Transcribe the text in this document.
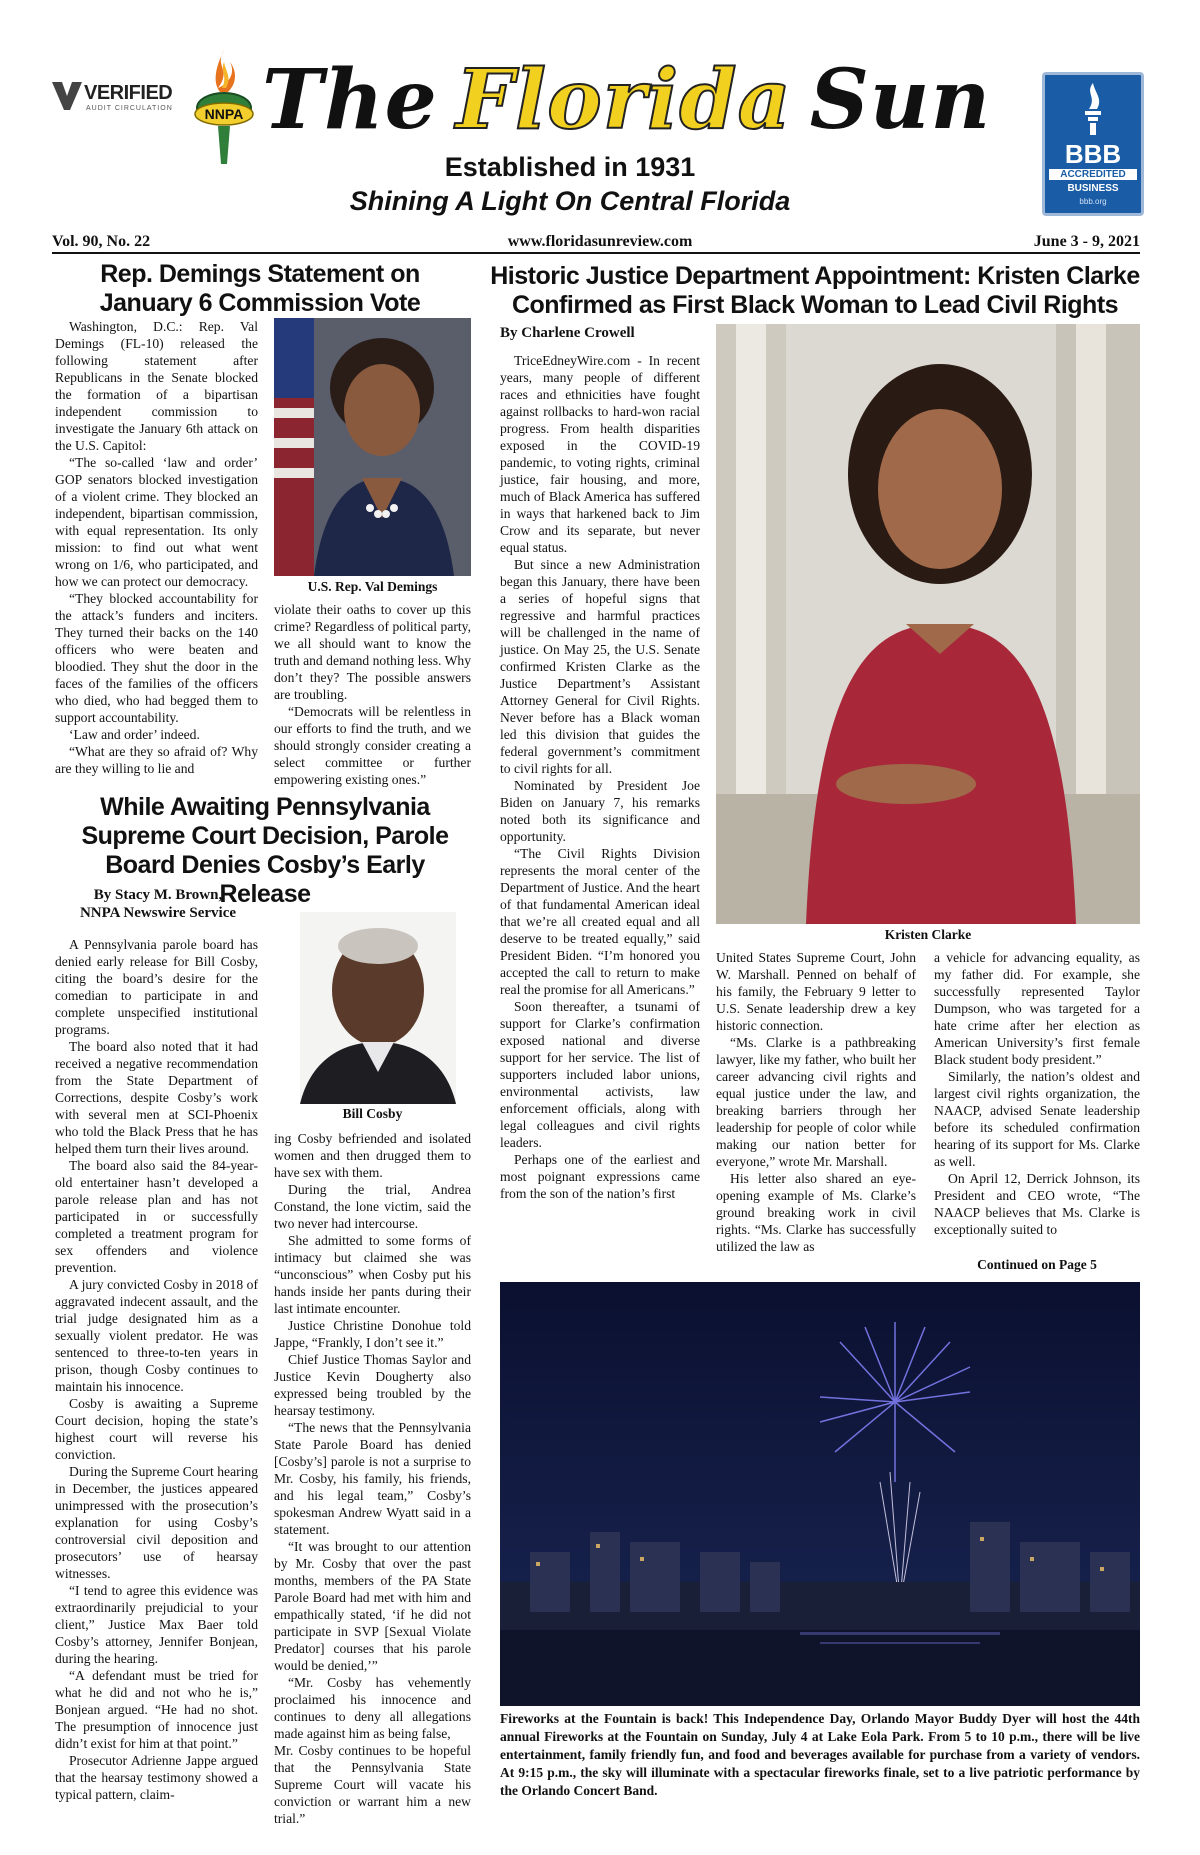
VERIFIED
AUDIT CIRCULATION	NNPA The Florida Sun
Established in 1931
Shining A Light On Central Florida
BBB
ACCREDITED
BUSINESS
bbb.org
Vol. 90, No. 22	www.floridasunreview.com	June 3 - 9, 2021
Rep. Demings Statement on January 6 Commission Vote

Washington, D.C.: Rep. Val Demings (FL-10) released the following statement after Republicans in the Senate blocked the formation of a bipartisan independent commission to investigate the January 6th attack on the U.S. Capitol:

“The so-called ‘law and order’ GOP senators blocked investigation of a violent crime. They blocked an independent, bipartisan commission, with equal representation. Its only mission: to find out what went wrong on 1/6, who participated, and how we can protect our democracy.

“They blocked accountability for the attack’s funders and inciters. They turned their backs on the 140 officers who were beaten and bloodied. They shut the door in the faces of the families of the officers who died, who had begged them to support accountability.

‘Law and order’ indeed.

“What are they so afraid of? Why are they willing to lie and

U.S. Rep. Val Demings

violate their oaths to cover up this crime? Regardless of political party, we all should want to know the truth and demand nothing less. Why don’t they? The possible answers are troubling.

“Democrats will be relentless in our efforts to find the truth, and we should strongly consider creating a select committee or further empowering existing ones.”

While Awaiting Pennsylvania Supreme Court Decision, Parole Board Denies Cosby’s Early Release
By Stacy M. Brown,
NNPA Newswire Service

A Pennsylvania parole board has denied early release for Bill Cosby, citing the board’s desire for the comedian to participate in and complete unspecified institutional programs.

The board also noted that it had received a negative recommendation from the State Department of Corrections, despite Cosby’s work with several men at SCI-Phoenix who told the Black Press that he has helped them turn their lives around.

The board also said the 84-year-old entertainer hasn’t developed a parole release plan and has not participated in or successfully completed a treatment program for sex offenders and violence prevention.

A jury convicted Cosby in 2018 of aggravated indecent assault, and the trial judge designated him as a sexually violent predator. He was sentenced to three-to-ten years in prison, though Cosby continues to maintain his innocence.

Cosby is awaiting a Supreme Court decision, hoping the state’s highest court will reverse his conviction.

During the Supreme Court hearing in December, the justices appeared unimpressed with the prosecution’s explanation for using Cosby’s controversial civil deposition and prosecutors’ use of hearsay witnesses.

“I tend to agree this evidence was extraordinarily prejudicial to your client,” Justice Max Baer told Cosby’s attorney, Jennifer Bonjean, during the hearing.

“A defendant must be tried for what he did and not who he is,” Bonjean argued. “He had no shot. The presumption of innocence just didn’t exist for him at that point.”

Prosecutor Adrienne Jappe argued that the hearsay testimony showed a typical pattern, claim-

Bill Cosby

ing Cosby befriended and isolated women and then drugged them to have sex with them.

During the trial, Andrea Constand, the lone victim, said the two never had intercourse.

She admitted to some forms of intimacy but claimed she was “unconscious” when Cosby put his hands inside her pants during their last intimate encounter.

Justice Christine Donohue told Jappe, “Frankly, I don’t see it.”

Chief Justice Thomas Saylor and Justice Kevin Dougherty also expressed being troubled by the hearsay testimony.

“The news that the Pennsylvania State Parole Board has denied [Cosby’s] parole is not a surprise to Mr. Cosby, his family, his friends, and his legal team,” Cosby’s spokesman Andrew Wyatt said in a statement.

“It was brought to our attention by Mr. Cosby that over the past months, members of the PA State Parole Board had met with him and empathically stated, ‘if he did not participate in SVP [Sexual Violate Predator] courses that his parole would be denied,’”

“Mr. Cosby has vehemently proclaimed his innocence and continues to deny all allegations made against him as being false,

Mr. Cosby continues to be hopeful that the Pennsylvania State Supreme Court will vacate his conviction or warrant him a new trial.”

Historic Justice Department Appointment: Kristen Clarke Confirmed as First Black Woman to Lead Civil Rights
By Charlene Crowell

TriceEdneyWire.com - In recent years, many people of different races and ethnicities have fought against rollbacks to hard-won racial progress. From health disparities exposed in the COVID-19 pandemic, to voting rights, criminal justice, fair housing, and more, much of Black America has suffered in ways that harkened back to Jim Crow and its separate, but never equal status.

But since a new Administration began this January, there have been a series of hopeful signs that regressive and harmful practices will be challenged in the name of justice. On May 25, the U.S. Senate confirmed Kristen Clarke as the Justice Department’s Assistant Attorney General for Civil Rights. Never before has a Black woman led this division that guides the federal government’s commitment to civil rights for all.

Nominated by President Joe Biden on January 7, his remarks noted both its significance and opportunity.

“The Civil Rights Division represents the moral center of the Department of Justice. And the heart of that fundamental American ideal that we’re all created equal and all deserve to be treated equally,” said President Biden. “I’m honored you accepted the call to return to make real the promise for all Americans.”

Soon thereafter, a tsunami of support for Clarke’s confirmation exposed national and diverse support for her service. The list of supporters included labor unions, environmental activists, law enforcement officials, along with legal colleagues and civil rights leaders.

Perhaps one of the earliest and most poignant expressions came from the son of the nation’s first

Kristen Clarke

United States Supreme Court, John W. Marshall. Penned on behalf of his family, the February 9 letter to U.S. Senate leadership drew a key historic connection.

“Ms. Clarke is a pathbreaking lawyer, like my father, who built her career advancing civil rights and equal justice under the law, and breaking barriers through her leadership for people of color while making our nation better for everyone,” wrote Mr. Marshall.

His letter also shared an eye-opening example of Ms. Clarke’s ground breaking work in civil rights. “Ms. Clarke has successfully utilized the law as

a vehicle for advancing equality, as my father did. For example, she successfully represented Taylor Dumpson, who was targeted for a hate crime after her election as American University’s first female Black student body president.”

Similarly, the nation’s oldest and largest civil rights organization, the NAACP, advised Senate leadership before its scheduled confirmation hearing of its support for Ms. Clarke as well.

On April 12, Derrick Johnson, its President and CEO wrote, “The NAACP believes that Ms. Clarke is exceptionally suited to

Continued on Page 5
Fireworks at the Fountain is back! This Independence Day, Orlando Mayor Buddy Dyer will host the 44th annual Fireworks at the Fountain on Sunday, July 4 at Lake Eola Park. From 5 to 10 p.m., there will be live entertainment, family friendly fun, and food and beverages available for purchase from a variety of vendors. At 9:15 p.m., the sky will illuminate with a spectacular fireworks finale, set to a live patriotic performance by the Orlando Concert Band.
